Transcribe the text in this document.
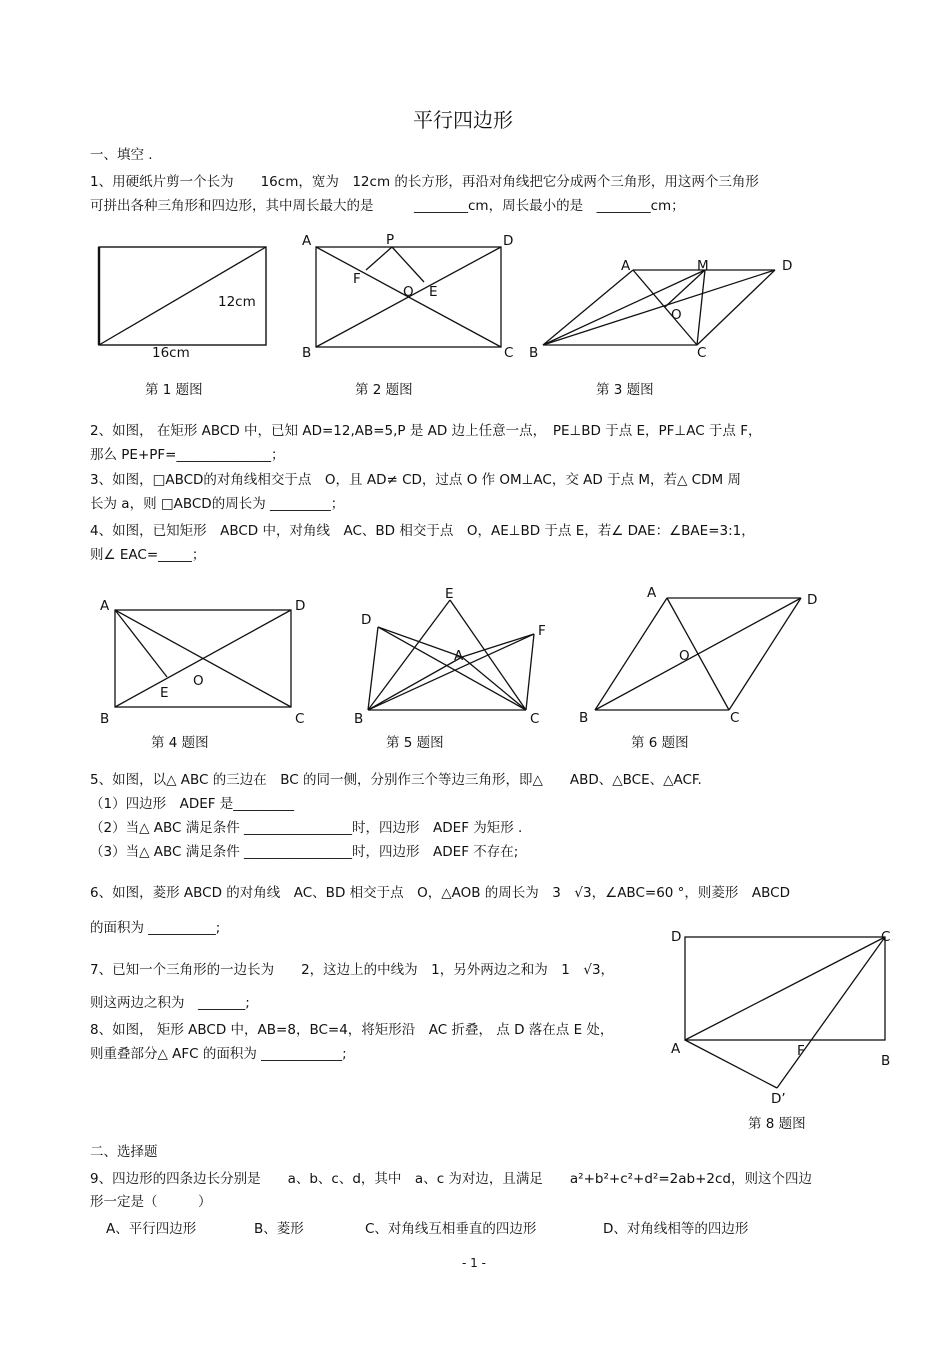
平行四边形
一、填空 .
1、用硬纸片剪一个长为　　16cm，宽为　12cm 的长方形，再沿对角线把它分成两个三角形，用这两个三角形
可拼出各种三角形和四边形，其中周长最大的是　　　________cm，周长最小的是　________cm；
12cm
16cm
第 1 题图
A	P	D
F
O E
B	C
第 2 题图
A	M	D
O
B	C
第 3 题图
2、如图， 在矩形 ABCD 中，已知 AD=12,AB=5,P 是 AD 边上任意一点，　PE⊥BD 于点 E，PF⊥AC 于点 F，
那么 PE+PF=______________；
3、如图，□ABCD的对角线相交于点　O，且 AD≠ CD，过点 O 作 OM⊥AC，交 AD 于点 M，若△ CDM 周
长为 a，则 □ABCD的周长为 _________；
4、如图，已知矩形　ABCD 中，对角线　AC、BD 相交于点　O，AE⊥BD 于点 E，若∠ DAE：∠BAE=3:1，
则∠ EAC=_____；
A	D
E
O
B	C
第 4 题图
E
D
F
A
B	C
第 5 题图
A	D
O
B	C
第 6 题图
5、如图，以△ ABC 的三边在　BC 的同一侧，分别作三个等边三角形，即△　　ABD、△BCE、△ACF.
（1）四边形　ADEF 是_________
（2）当△ ABC 满足条件 ________________时，四边形　ADEF 为矩形 .
（3）当△ ABC 满足条件 ________________时，四边形　ADEF 不存在;
6、如图，菱形 ABCD 的对角线　AC、BD 相交于点　O，△AOB 的周长为　3　√3，∠ABC=60 °，则菱形　ABCD
的面积为 __________;
7、已知一个三角形的一边长为　　2，这边上的中线为　1，另外两边之和为　1　√3，
则这两边之积为　_______;
8、如图， 矩形 ABCD 中，AB=8，BC=4，将矩形沿　AC 折叠， 点 D 落在点 E 处，
则重叠部分△ AFC 的面积为 ____________;
D	C
A	F
B
D’
第 8 题图
二、选择题
9、四边形的四条边长分别是　　a、b、c、d，其中　a、c 为对边，且满足　　a²+b²+c²+d²=2ab+2cd，则这个四边
形一定是（　　　）
A、平行四边形	B、菱形	C、对角线互相垂直的四边形	D、对角线相等的四边形
- 1 -
